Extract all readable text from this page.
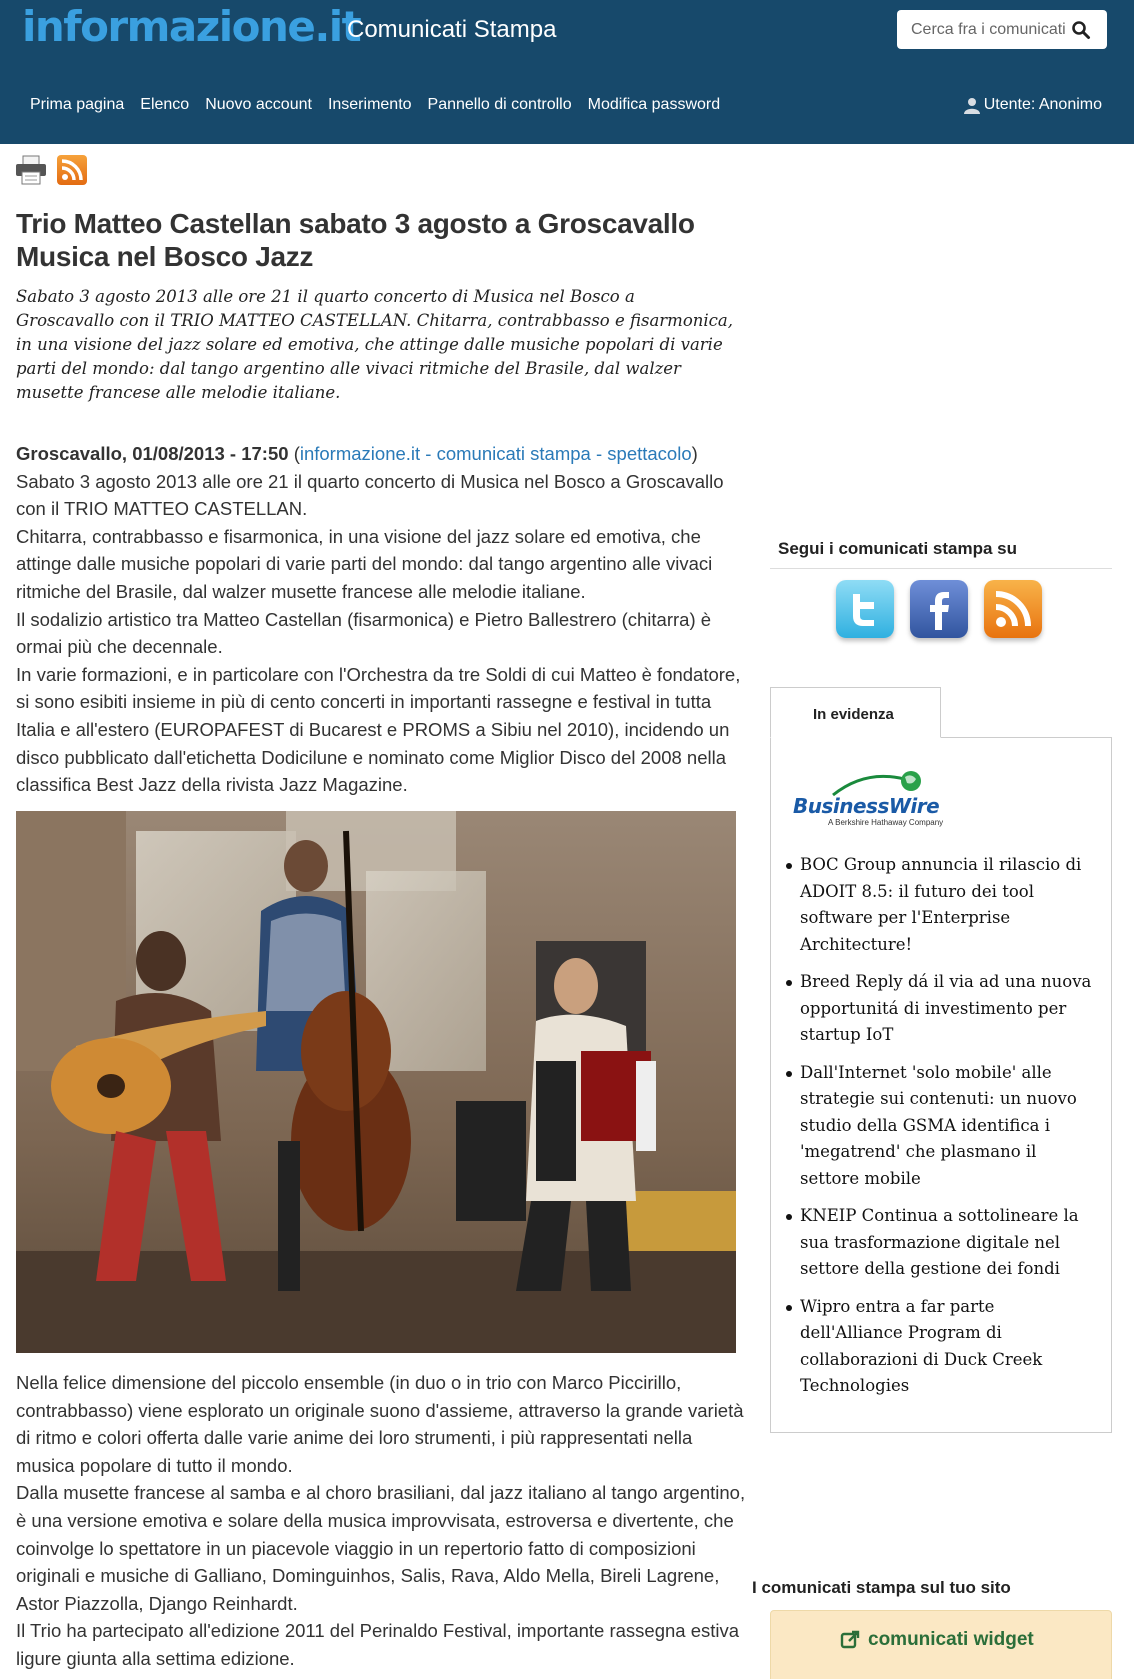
informazione.it
Comunicati Stampa
Cerca fra i comunicati
Prima pagina Elenco Nuovo account Inserimento Pannello di controllo Modifica password	Utente: Anonimo
Trio Matteo Castellan sabato 3 agosto a Groscavallo Musica nel Bosco Jazz

Sabato 3 agosto 2013 alle ore 21 il quarto concerto di Musica nel Bosco a Groscavallo con il TRIO MATTEO CASTELLAN. Chitarra, contrabbasso e fisarmonica, in una visione del jazz solare ed emotiva, che attinge dalle musiche popolari di varie parti del mondo: dal tango argentino alle vivaci ritmiche del Brasile, dal walzer musette francese alle melodie italiane.

Groscavallo, 01/08/2013 - 17:50 (informazione.it - comunicati stampa - spettacolo) Sabato 3 agosto 2013 alle ore 21 il quarto concerto di Musica nel Bosco a Groscavallo con il TRIO MATTEO CASTELLAN.
Chitarra, contrabbasso e fisarmonica, in una visione del jazz solare ed emotiva, che attinge dalle musiche popolari di varie parti del mondo: dal tango argentino alle vivaci ritmiche del Brasile, dal walzer musette francese alle melodie italiane.
Il sodalizio artistico tra Matteo Castellan (fisarmonica) e Pietro Ballestrero (chitarra) è ormai più che decennale.
In varie formazioni, e in particolare con l'Orchestra da tre Soldi di cui Matteo è fondatore, si sono esibiti insieme in più di cento concerti in importanti rassegne e festival in tutta Italia e all'estero (EUROPAFEST di Bucarest e PROMS a Sibiu nel 2010), incidendo un disco pubblicato dall'etichetta Dodicilune e nominato come Miglior Disco del 2008 nella classifica Best Jazz della rivista Jazz Magazine.
Nella felice dimensione del piccolo ensemble (in duo o in trio con Marco Piccirillo, contrabbasso) viene esplorato un originale suono d'assieme, attraverso la grande varietà di ritmo e colori offerta dalle varie anime dei loro strumenti, i più rappresentati nella musica popolare di tutto il mondo.
Dalla musette francese al samba e al choro brasiliani, dal jazz italiano al tango argentino, è una versione emotiva e solare della musica improvvisata, estroversa e divertente, che coinvolge lo spettatore in un piacevole viaggio in un repertorio fatto di composizioni originali e musiche di Galliano, Dominguinhos, Salis, Rava, Aldo Mella, Bireli Lagrene, Astor Piazzolla, Django Reinhardt.
Il Trio ha partecipato all'edizione 2011 del Perinaldo Festival, importante rassegna estiva ligure giunta alla settima edizione.
Segui i comunicati stampa su
In evidenza
BusinessWire
A Berkshire Hathaway Company
BOC Group annuncia il rilascio di ADOIT 8.5: il futuro dei tool software per l'Enterprise Architecture!
Breed Reply dá il via ad una nuova opportunitá di investimento per startup IoT
Dall'Internet 'solo mobile' alle strategie sui contenuti: un nuovo studio della GSMA identifica i 'megatrend' che plasmano il settore mobile
KNEIP Continua a sottolineare la sua trasformazione digitale nel settore della gestione dei fondi
Wipro entra a far parte dell'Alliance Program di collaborazioni di Duck Creek Technologies
I comunicati stampa sul tuo sito
comunicati widget
